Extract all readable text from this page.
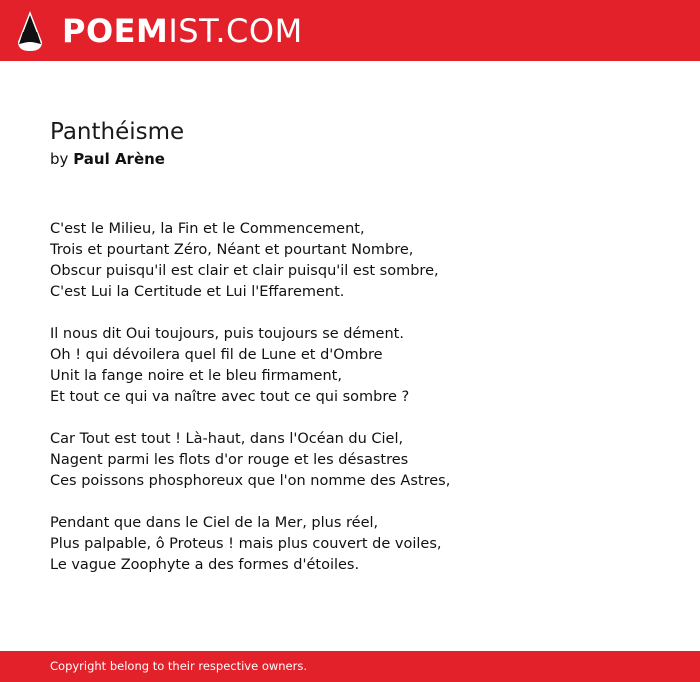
POEMIST.COM
Panthéisme
by Paul Arène
C'est le Milieu, la Fin et le Commencement,
Trois et pourtant Zéro, Néant et pourtant Nombre,
Obscur puisqu'il est clair et clair puisqu'il est sombre,
C'est Lui la Certitude et Lui l'Effarement.
Il nous dit Oui toujours, puis toujours se dément.
Oh ! qui dévoilera quel fil de Lune et d'Ombre
Unit la fange noire et le bleu firmament,
Et tout ce qui va naître avec tout ce qui sombre ?
Car Tout est tout ! Là-haut, dans l'Océan du Ciel,
Nagent parmi les flots d'or rouge et les désastres
Ces poissons phosphoreux que l'on nomme des Astres,
Pendant que dans le Ciel de la Mer, plus réel,
Plus palpable, ô Proteus ! mais plus couvert de voiles,
Le vague Zoophyte a des formes d'étoiles.
Copyright belong to their respective owners.
